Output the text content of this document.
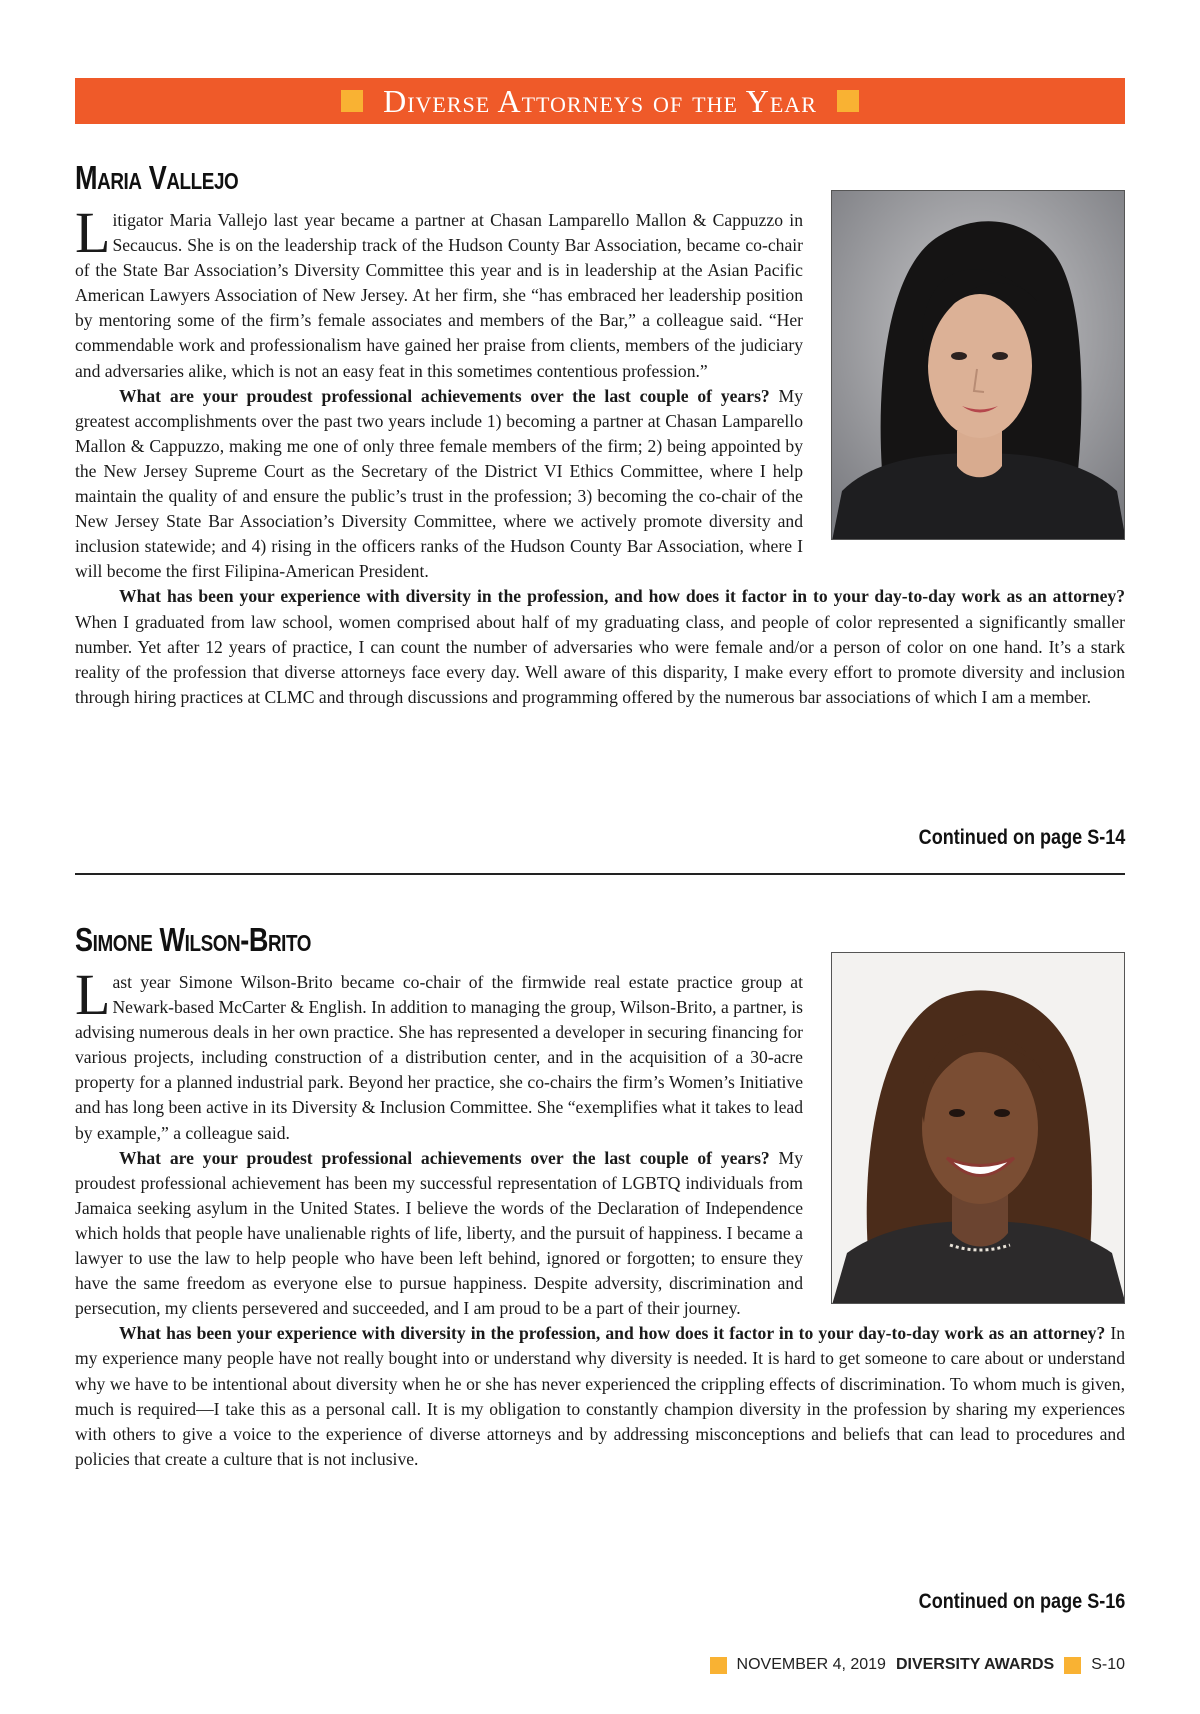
Diverse Attorneys of the Year
Maria Vallejo

L itigator Maria Vallejo last year became a partner at Chasan Lamparello Mallon & Cappuzzo in Secaucus. She is on the leadership track of the Hudson County Bar Association, became co-chair of the State Bar Association’s Diversity Committee this year and is in leadership at the Asian Pacific American Lawyers Association of New Jersey. At her firm, she “has embraced her leadership position by mentoring some of the firm’s female associates and members of the Bar,” a colleague said. “Her commendable work and professionalism have gained her praise from clients, members of the judiciary and adversaries alike, which is not an easy feat in this sometimes contentious profession.”

What are your proudest professional achievements over the last couple of years? My greatest accomplishments over the past two years include 1) becoming a partner at Chasan Lamparello Mallon & Cappuzzo, making me one of only three female members of the firm; 2) being appointed by the New Jersey Supreme Court as the Secretary of the District VI Ethics Committee, where I help maintain the quality of and ensure the public’s trust in the profession; 3) becoming the co-chair of the New Jersey State Bar Association’s Diversity Committee, where we actively promote diversity and inclusion statewide; and 4) rising in the officers ranks of the Hudson County Bar Association, where I will become the first Filipina-American President.

What has been your experience with diversity in the profession, and how does it factor in to your day-to-day work as an attorney? When I graduated from law school, women comprised about half of my graduating class, and people of color represented a significantly smaller number. Yet after 12 years of practice, I can count the number of adversaries who were female and/or a person of color on one hand. It’s a stark reality of the profession that diverse attorneys face every day. Well aware of this disparity, I make every effort to promote diversity and inclusion through hiring practices at CLMC and through discussions and programming offered by the numerous bar associations of which I am a member.

Continued on page S-14
Simone Wilson-Brito

L ast year Simone Wilson-Brito became co-chair of the firmwide real estate practice group at Newark-based McCarter & English. In addition to managing the group, Wilson-Brito, a partner, is advising numerous deals in her own practice. She has represented a developer in securing financing for various projects, including construction of a distribution center, and in the acquisition of a 30-acre property for a planned industrial park. Beyond her practice, she co-chairs the firm’s Women’s Initiative and has long been active in its Diversity & Inclusion Committee. She “exemplifies what it takes to lead by example,” a colleague said.

What are your proudest professional achievements over the last couple of years? My proudest professional achievement has been my successful representation of LGBTQ individuals from Jamaica seeking asylum in the United States. I believe the words of the Declaration of Independence which holds that people have unalienable rights of life, liberty, and the pursuit of happiness. I became a lawyer to use the law to help people who have been left behind, ignored or forgotten; to ensure they have the same freedom as everyone else to pursue happiness. Despite adversity, discrimination and persecution, my clients persevered and succeeded, and I am proud to be a part of their journey.

What has been your experience with diversity in the profession, and how does it factor in to your day-to-day work as an attorney? In my experience many people have not really bought into or understand why diversity is needed. It is hard to get someone to care about or understand why we have to be intentional about diversity when he or she has never experienced the crippling effects of discrimination. To whom much is given, much is required—I take this as a personal call. It is my obligation to constantly champion diversity in the profession by sharing my experiences with others to give a voice to the experience of diverse attorneys and by addressing misconceptions and beliefs that can lead to procedures and policies that create a culture that is not inclusive.

Continued on page S-16
NOVEMBER 4, 2019 DIVERSITY AWARDS S-10
